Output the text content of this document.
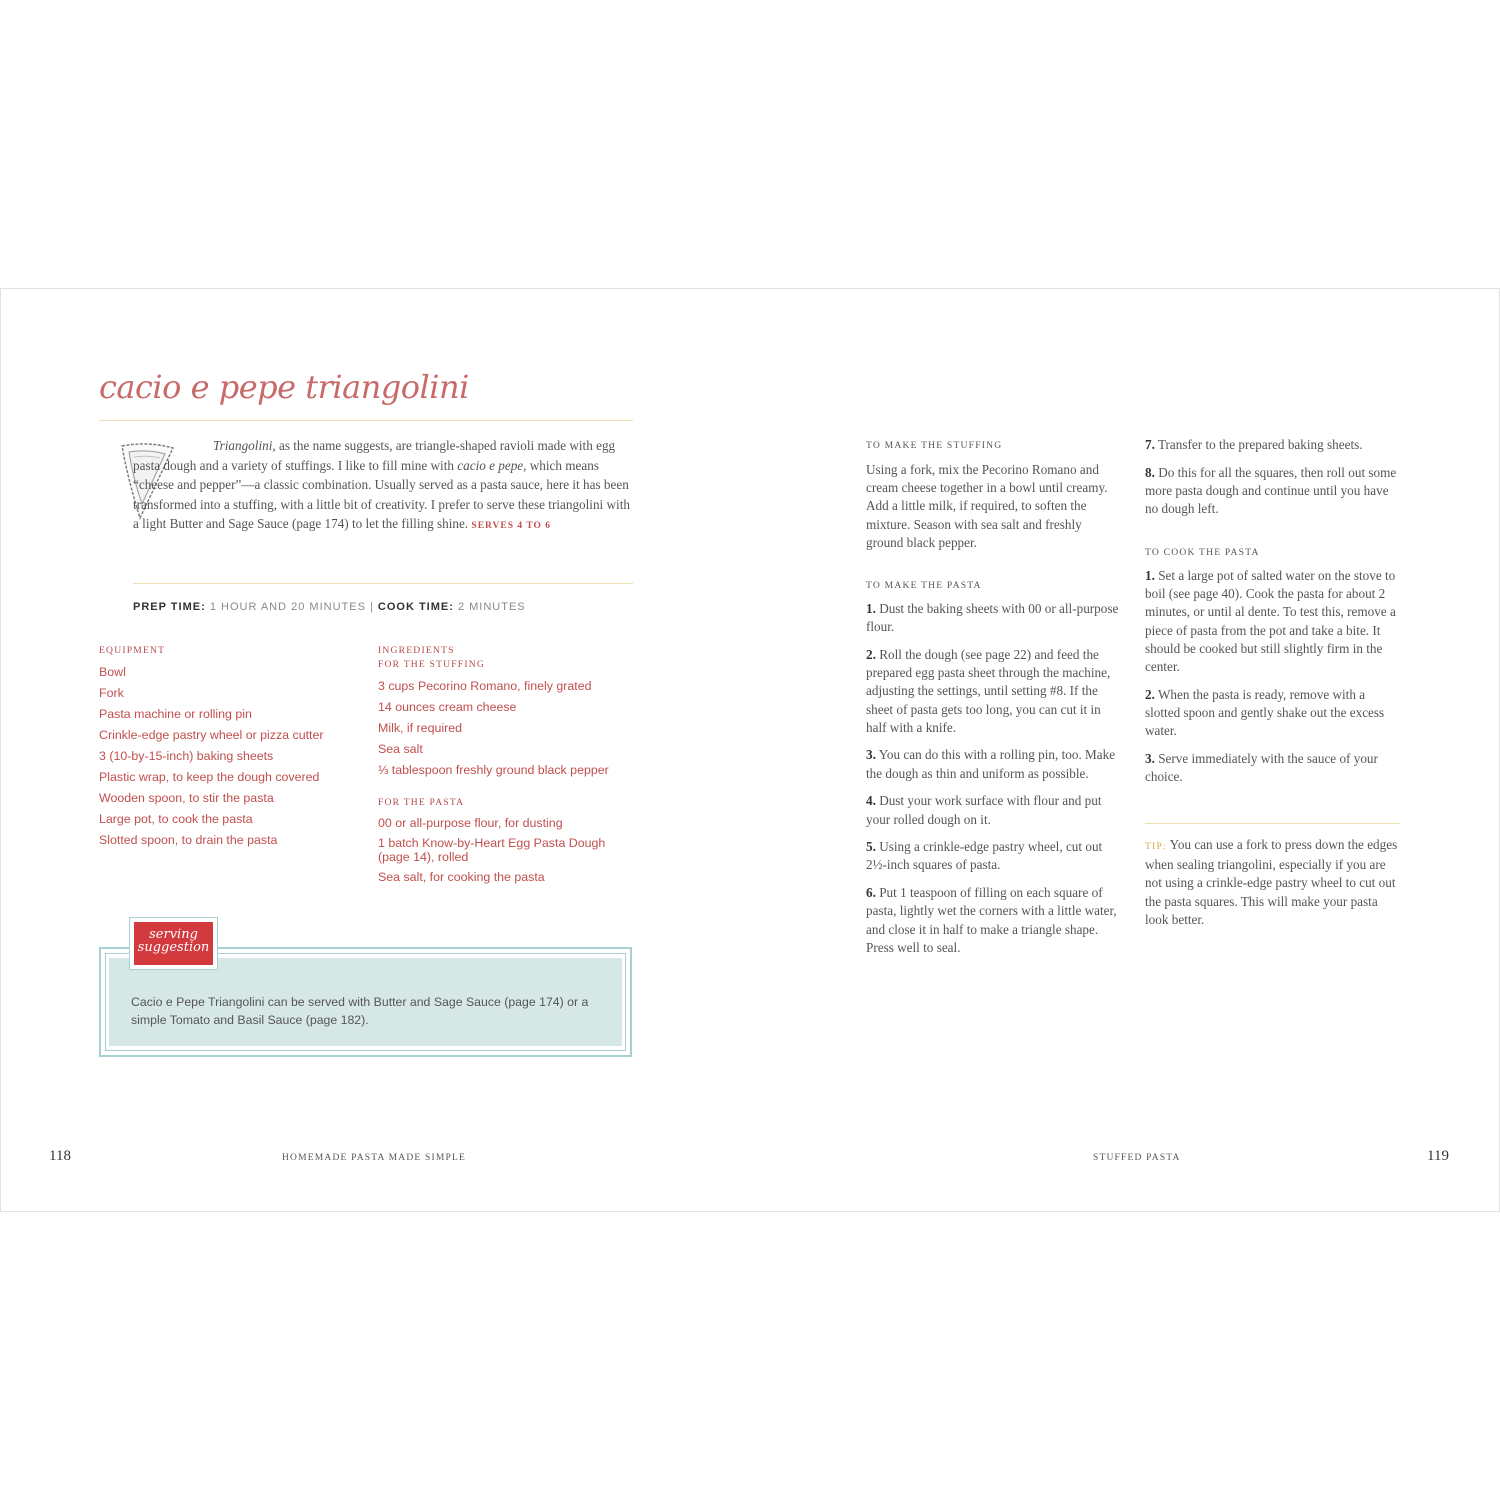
cacio e pepe triangolini

Triangolini, as the name suggests, are triangle-shaped ravioli made with egg pasta dough and a variety of stuffings. I like to fill mine with cacio e pepe, which means “cheese and pepper”—a classic combination. Usually served as a pasta sauce, here it has been transformed into a stuffing, with a little bit of creativity. I prefer to serve these triangolini with a light Butter and Sage Sauce (page 174) to let the filling shine. SERVES 4 TO 6

PREP TIME: 1 HOUR AND 20 MINUTES | COOK TIME: 2 MINUTES
EQUIPMENT
Bowl
Fork
Pasta machine or rolling pin
Crinkle-edge pastry wheel or pizza cutter
3 (10-by-15-inch) baking sheets
Plastic wrap, to keep the dough covered
Wooden spoon, to stir the pasta
Large pot, to cook the pasta
Slotted spoon, to drain the pasta
INGREDIENTS
FOR THE STUFFING
3 cups Pecorino Romano, finely grated
14 ounces cream cheese
Milk, if required
Sea salt
⅓ tablespoon freshly ground black pepper
FOR THE PASTA
00 or all-purpose flour, for dusting
1 batch Know-by-Heart Egg Pasta Dough (page 14), rolled
Sea salt, for cooking the pasta
serving
suggestion
Cacio e Pepe Triangolini can be served with Butter and Sage Sauce (page 174) or a simple Tomato and Basil Sauce (page 182).
118	HOMEMADE PASTA MADE SIMPLE
TO MAKE THE STUFFING

Using a fork, mix the Pecorino Romano and cream cheese together in a bowl until creamy. Add a little milk, if required, to soften the mixture. Season with sea salt and freshly ground black pepper.

TO MAKE THE PASTA
1. Dust the baking sheets with 00 or all-purpose flour.
2. Roll the dough (see page 22) and feed the prepared egg pasta sheet through the machine, adjusting the settings, until setting #8. If the sheet of pasta gets too long, you can cut it in half with a knife.
3. You can do this with a rolling pin, too. Make the dough as thin and uniform as possible.
4. Dust your work surface with flour and put your rolled dough on it.
5. Using a crinkle-edge pastry wheel, cut out 2½-inch squares of pasta.
6. Put 1 teaspoon of filling on each square of pasta, lightly wet the corners with a little water, and close it in half to make a triangle shape. Press well to seal.
7. Transfer to the prepared baking sheets.
8. Do this for all the squares, then roll out some more pasta dough and continue until you have no dough left.
TO COOK THE PASTA
1. Set a large pot of salted water on the stove to boil (see page 40). Cook the pasta for about 2 minutes, or until al dente. To test this, remove a piece of pasta from the pot and take a bite. It should be cooked but still slightly firm in the center.
2. When the pasta is ready, remove with a slotted spoon and gently shake out the excess water.
3. Serve immediately with the sauce of your choice.

TIP: You can use a fork to press down the edges when sealing triangolini, especially if you are not using a crinkle-edge pastry wheel to cut out the pasta squares. This will make your pasta look better.

STUFFED PASTA	119
